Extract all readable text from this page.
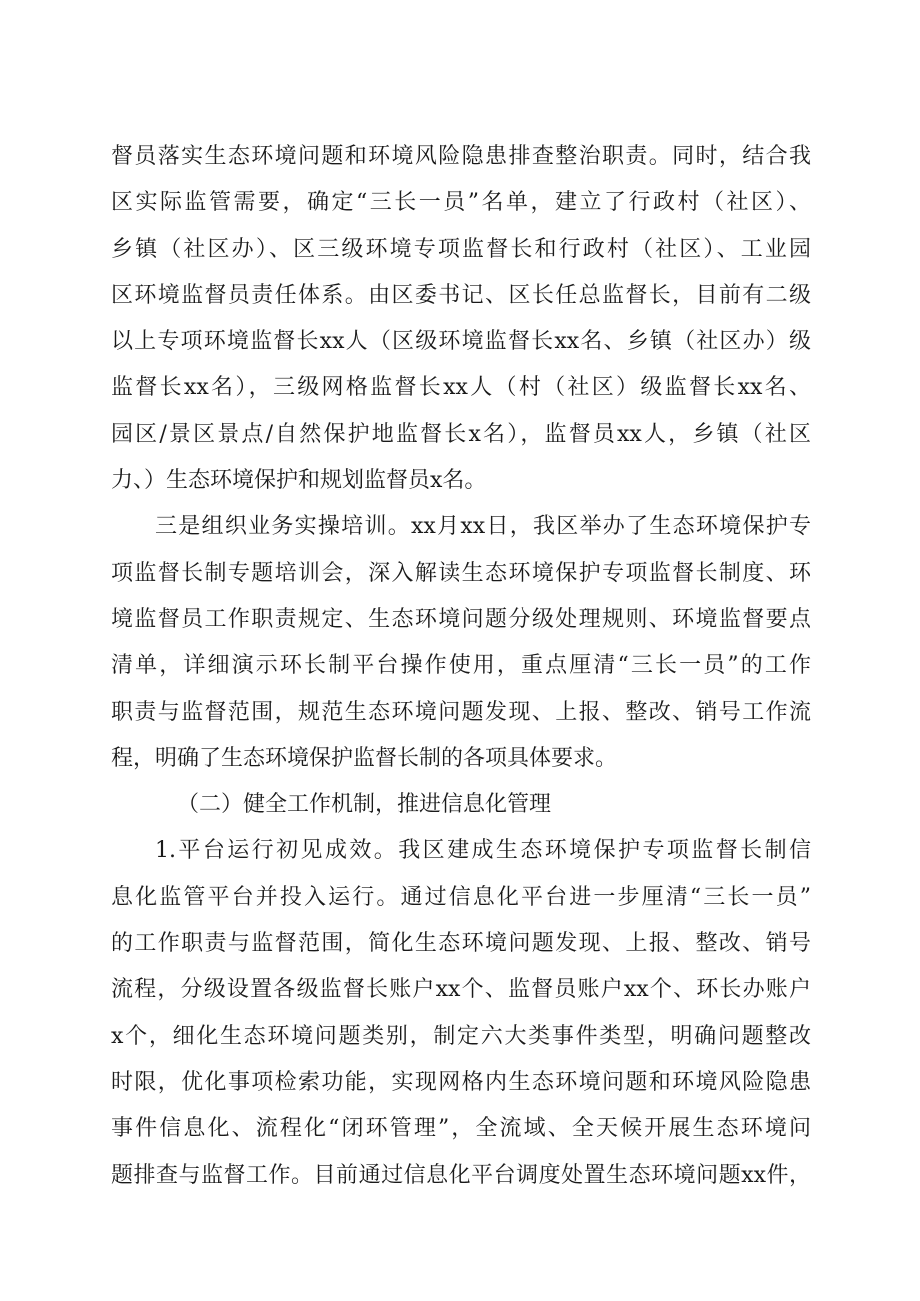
督员落实生态环境问题和环境风险隐患排查整治职责。同时，结合我
区实际监管需要，确定“三长一员”名单，建立了行政村（社区）、
乡镇（社区办）、区三级环境专项监督长和行政村（社区）、工业园
区环境监督员责任体系。由区委书记、区长任总监督长，目前有二级
以上专项环境监督长xx人（区级环境监督长xx名、乡镇（社区办）级
监督长xx名），三级网格监督长xx人（村（社区）级监督长xx名、
园区/景区景点/自然保护地监督长x名），监督员xx人，乡镇（社区
力、）生态环境保护和规划监督员x名。
三是组织业务实操培训。xx月xx日，我区举办了生态环境保护专
项监督长制专题培训会，深入解读生态环境保护专项监督长制度、环
境监督员工作职责规定、生态环境问题分级处理规则、环境监督要点
清单，详细演示环长制平台操作使用，重点厘清“三长一员”的工作
职责与监督范围，规范生态环境问题发现、上报、整改、销号工作流
程，明确了生态环境保护监督长制的各项具体要求。
（二）健全工作机制，推进信息化管理
1.平台运行初见成效。我区建成生态环境保护专项监督长制信
息化监管平台并投入运行。通过信息化平台进一步厘清“三长一员”
的工作职责与监督范围，简化生态环境问题发现、上报、整改、销号
流程，分级设置各级监督长账户xx个、监督员账户xx个、环长办账户
x个，细化生态环境问题类别，制定六大类事件类型，明确问题整改
时限，优化事项检索功能，实现网格内生态环境问题和环境风险隐患
事件信息化、流程化“闭环管理”，全流域、全天候开展生态环境问
题排查与监督工作。目前通过信息化平台调度处置生态环境问题xx件，
